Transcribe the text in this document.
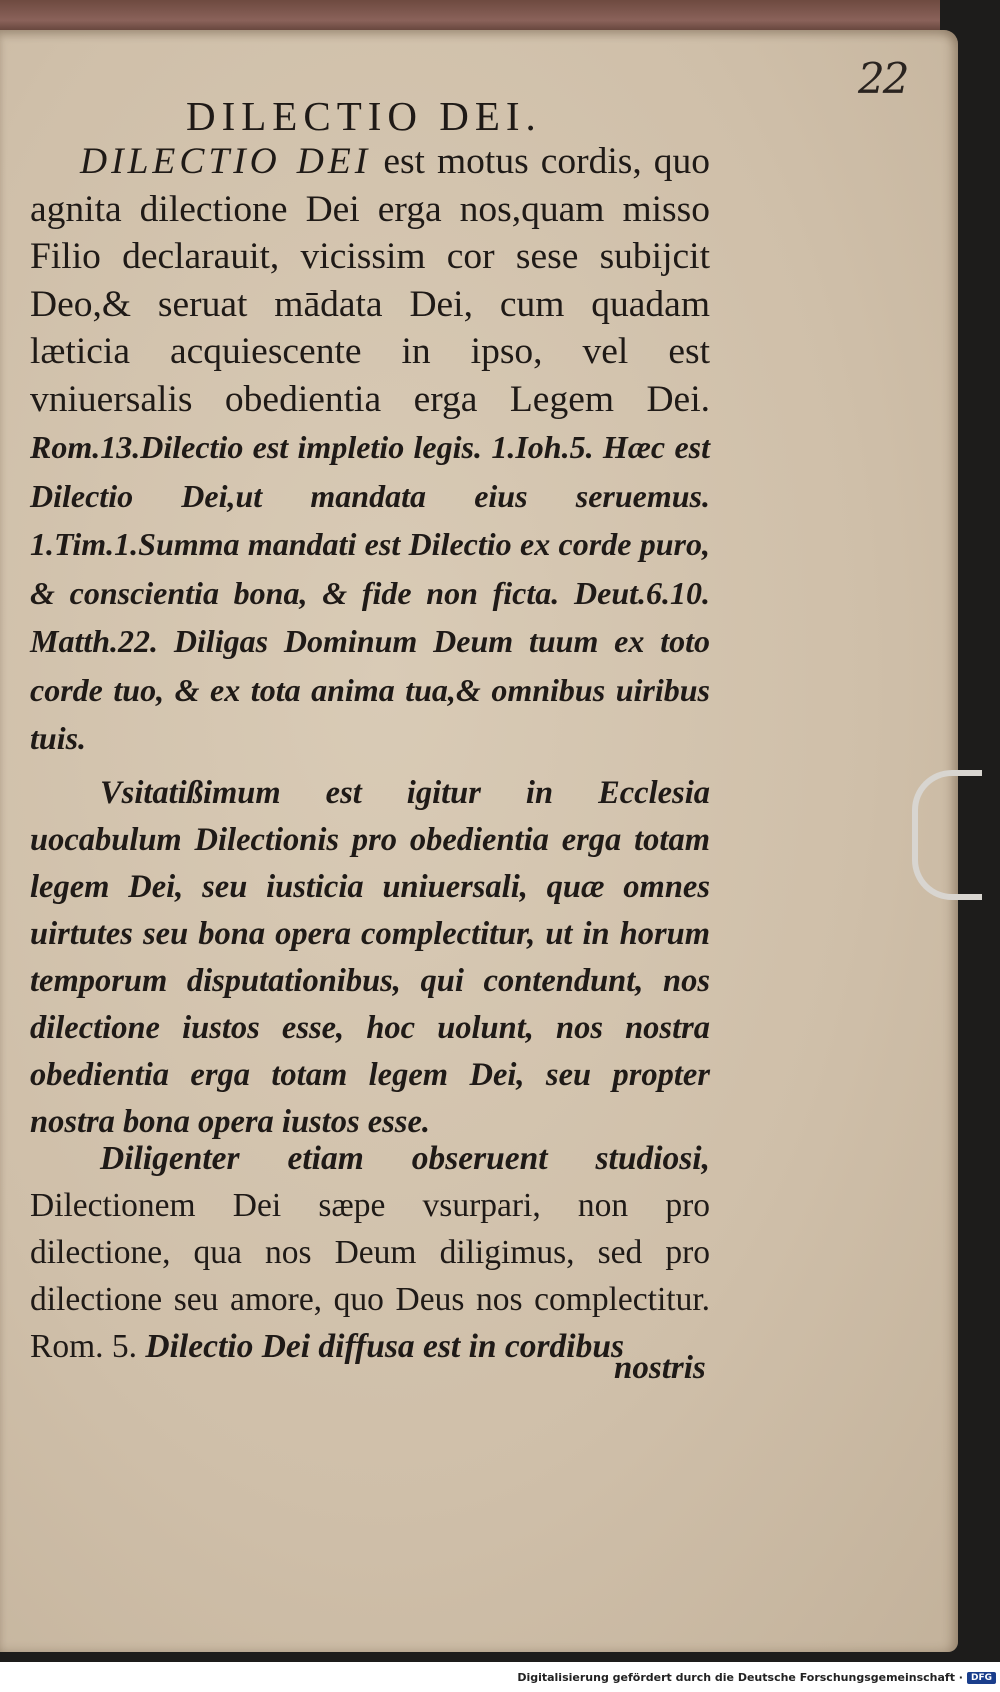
22
DILECTIO DEI.

DILECTIO DEI est motus cordis, quo agnita dilectione Dei erga nos,quam misso Filio declarauit, vicissim cor sese subijcit Deo,& seruat mādata Dei, cum quadam læticia acquiescente in ipso, vel est vniuersalis obedientia erga Legem Dei. Rom.13.Dilectio est impletio legis. 1.Ioh.5. Hæc est Dilectio Dei,ut mandata eius seruemus. 1.Tim.1.Summa mandati est Dilectio ex corde puro, & conscientia bona, & fide non ficta. Deut.6.10. Matth.22. Diligas Dominum Deum tuum ex toto corde tuo, & ex tota anima tua,& omnibus uiribus tuis.

Vsitatißimum est igitur in Ecclesia uocabulum Dilectionis pro obedientia erga totam legem Dei, seu iusticia uniuersali, quæ omnes uirtutes seu bona opera complectitur, ut in horum temporum disputationibus, qui contendunt, nos dilectione iustos esse, hoc uolunt, nos nostra obedientia erga totam legem Dei, seu propter nostra bona opera iustos esse.

Diligenter etiam obseruent studiosi, Dilectionem Dei sæpe vsurpari, non pro dilectione, qua nos Deum diligimus, sed pro dilectione seu amore, quo Deus nos complectitur. Rom. 5. Dilectio Dei diffusa est in cordibus

nostris
Digitalisierung gefördert durch die Deutsche Forschungsgemeinschaft · DFG
